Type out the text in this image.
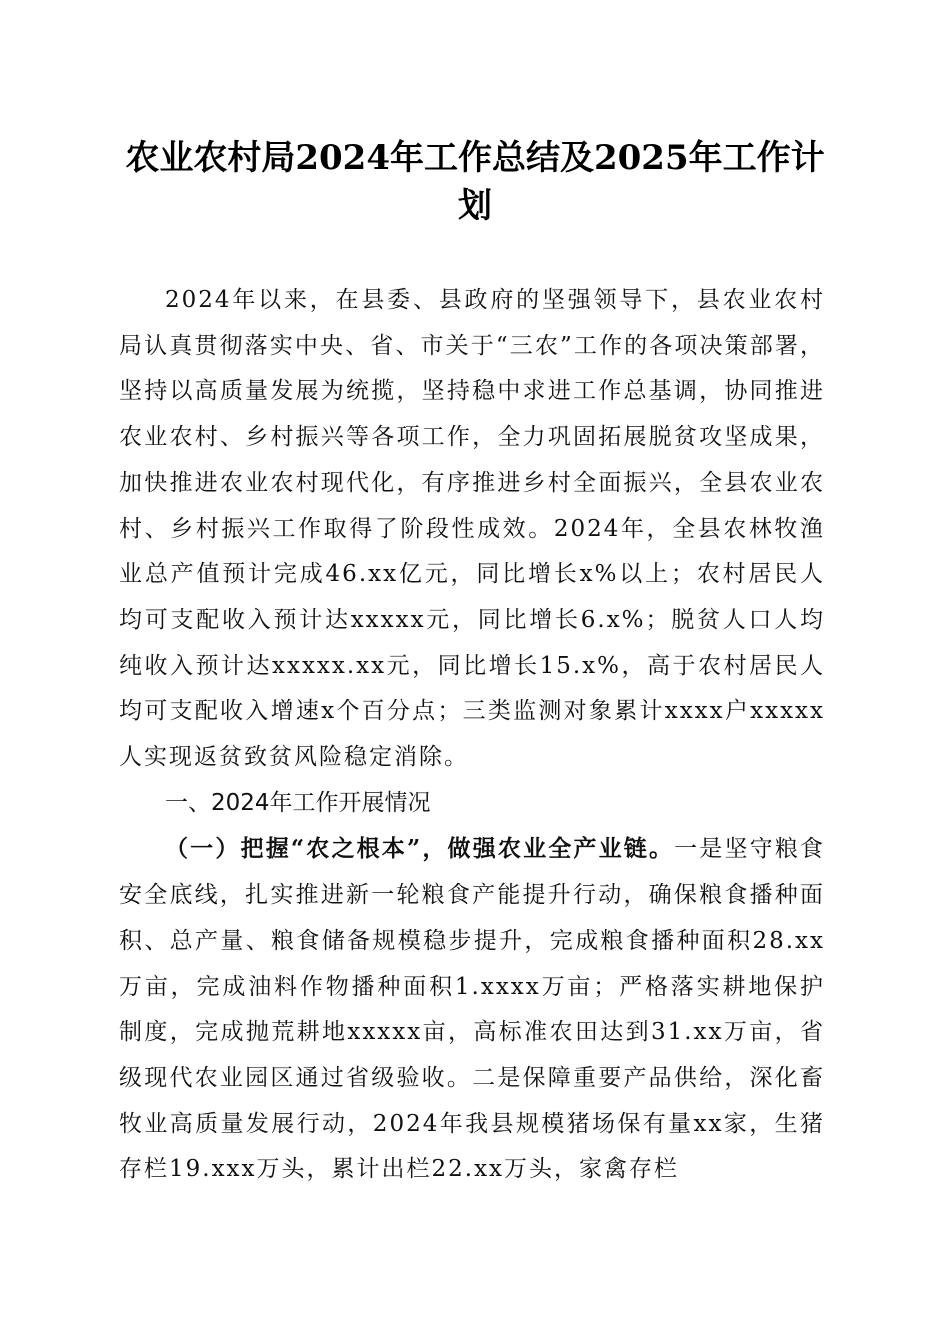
农业农村局2024年工作总结及2025年工作计划

2024年以来，在县委、县政府的坚强领导下，县农业农村局认真贯彻落实中央、省、市关于“三农”工作的各项决策部署，坚持以高质量发展为统揽，坚持稳中求进工作总基调，协同推进农业农村、乡村振兴等各项工作，全力巩固拓展脱贫攻坚成果，加快推进农业农村现代化，有序推进乡村全面振兴，全县农业农村、乡村振兴工作取得了阶段性成效。2024年，全县农林牧渔业总产值预计完成46.xx亿元，同比增长x%以上；农村居民人均可支配收入预计达xxxxx元，同比增长6.x%；脱贫人口人均纯收入预计达xxxxx.xx元，同比增长15.x%，高于农村居民人均可支配收入增速x个百分点；三类监测对象累计xxxx户xxxxx人实现返贫致贫风险稳定消除。

一、2024年工作开展情况

（一）把握“农之根本”，做强农业全产业链。一是坚守粮食安全底线，扎实推进新一轮粮食产能提升行动，确保粮食播种面积、总产量、粮食储备规模稳步提升，完成粮食播种面积28.xx万亩，完成油料作物播种面积1.xxxx万亩；严格落实耕地保护制度，完成抛荒耕地xxxxx亩，高标准农田达到31.xx万亩，省级现代农业园区通过省级验收。二是保障重要产品供给，深化畜牧业高质量发展行动，2024年我县规模猪场保有量xx家，生猪存栏19.xxx万头，累计出栏22.xx万头，家禽存栏
